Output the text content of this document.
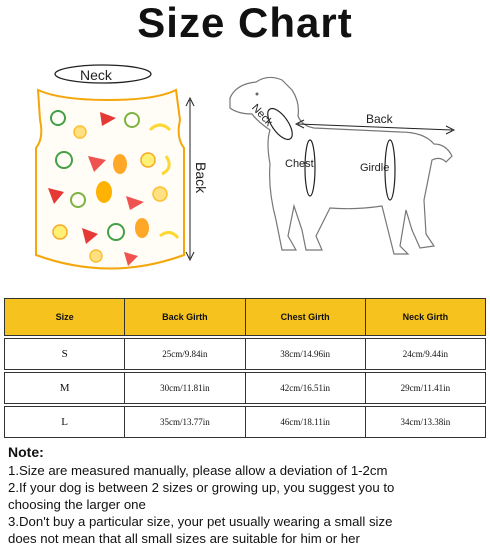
Size Chart
Neck
Back
Neck	Back
Chest	Girdle
Size	Back Girth	Chest Girth	Neck Girth

S	25cm/9.84in	38cm/14.96in	24cm/9.44in

M	30cm/11.81in	42cm/16.51in	29cm/11.41in

L	35cm/13.77in	46cm/18.11in	34cm/13.38in
Note:
1.Size are measured manually, please allow a deviation of 1-2cm
2.If your dog is between 2 sizes or growing up, you suggest you to
choosing the larger one
3.Don't buy a particular size, your pet usually wearing a small size
does not mean that all small sizes are suitable for him or her
